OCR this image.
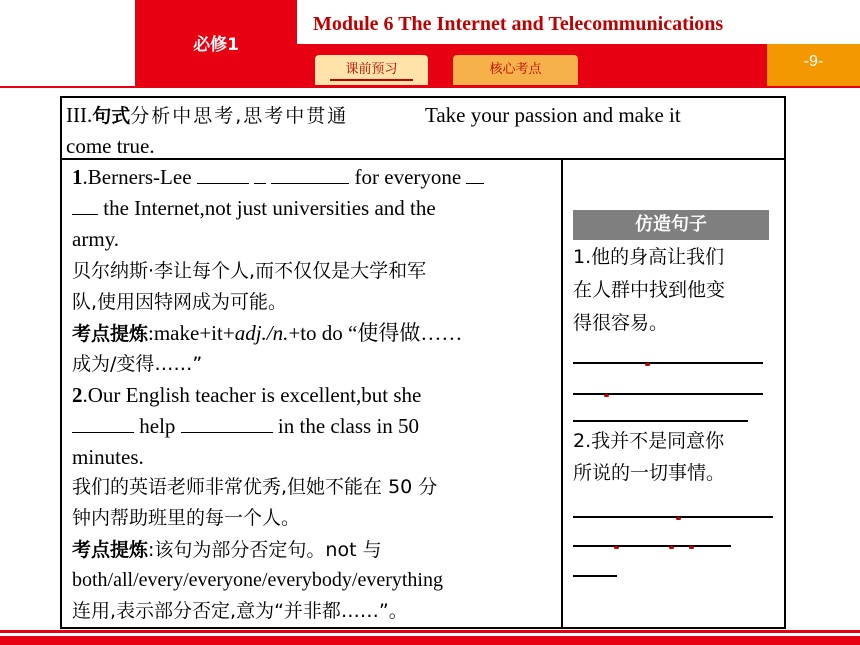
必修1
Module 6 The Internet and Telecommunications
-9-
课前预习	核心考点
III.句式分析中思考,思考中贯通	Take your passion and make it
come true.
1.Berners-Lee	for everyone
the Internet,not just universities and the
army.
贝尔纳斯·李让每个人,而不仅仅是大学和军
队,使用因特网成为可能。
考点提炼:make+it+adj./n.+to do “使得做……
成为/变得……”
2.Our English teacher is excellent,but she
help	in the class in 50
minutes.
我们的英语老师非常优秀,但她不能在 50 分
钟内帮助班里的每一个人。
考点提炼:该句为部分否定句。not 与
both/all/every/everyone/everybody/everything
连用,表示部分否定,意为“并非都……”。
仿造句子
1.他的身高让我们
在人群中找到他变
得很容易。
2.我并不是同意你
所说的一切事情。
